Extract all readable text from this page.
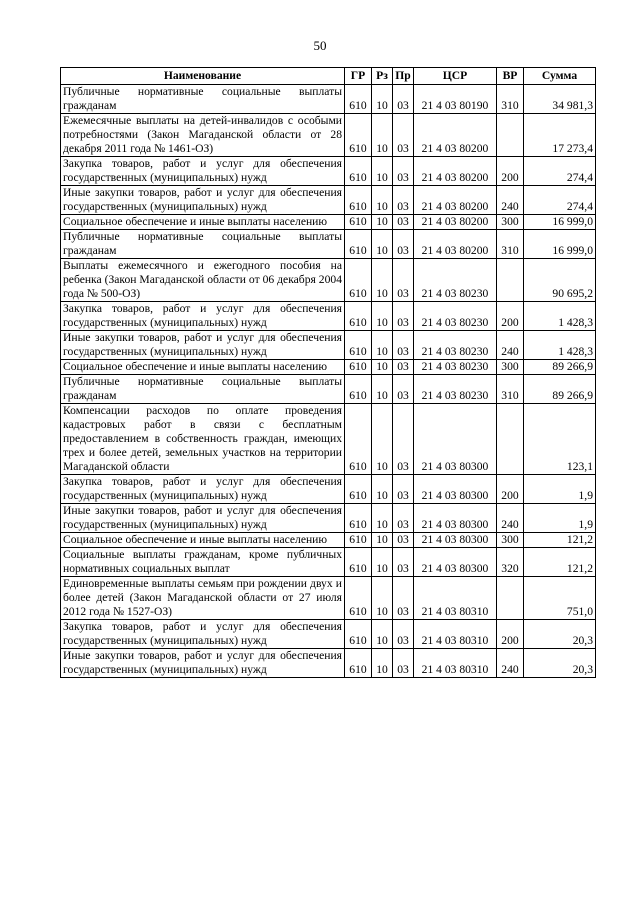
50
Наименование	ГР	Рз	Пр	ЦСР	ВР	Сумма
Публичные нормативные социальные выплаты гражданам	610	10	03	21 4 03 80190	310	34 981,3
Ежемесячные выплаты на детей-инвалидов с особыми потребностями (Закон Магаданской области от 28 декабря 2011 года № 1461-ОЗ)	610	10	03	21 4 03 80200		17 273,4
Закупка товаров, работ и услуг для обеспечения государственных (муниципальных) нужд	610	10	03	21 4 03 80200	200	274,4
Иные закупки товаров, работ и услуг для обеспечения государственных (муниципальных) нужд	610	10	03	21 4 03 80200	240	274,4
Социальное обеспечение и иные выплаты населению	610	10	03	21 4 03 80200	300	16 999,0
Публичные нормативные социальные выплаты гражданам	610	10	03	21 4 03 80200	310	16 999,0
Выплаты ежемесячного и ежегодного пособия на ребенка (Закон Магаданской области от 06 декабря 2004 года № 500-ОЗ)	610	10	03	21 4 03 80230		90 695,2
Закупка товаров, работ и услуг для обеспечения государственных (муниципальных) нужд	610	10	03	21 4 03 80230	200	1 428,3
Иные закупки товаров, работ и услуг для обеспечения государственных (муниципальных) нужд	610	10	03	21 4 03 80230	240	1 428,3
Социальное обеспечение и иные выплаты населению	610	10	03	21 4 03 80230	300	89 266,9
Публичные нормативные социальные выплаты гражданам	610	10	03	21 4 03 80230	310	89 266,9
Компенсации расходов по оплате проведения кадастровых работ в связи с бесплатным предоставлением в собственность граждан, имеющих трех и более детей, земельных участков на территории Магаданской области	610	10	03	21 4 03 80300		123,1
Закупка товаров, работ и услуг для обеспечения государственных (муниципальных) нужд	610	10	03	21 4 03 80300	200	1,9
Иные закупки товаров, работ и услуг для обеспечения государственных (муниципальных) нужд	610	10	03	21 4 03 80300	240	1,9
Социальное обеспечение и иные выплаты населению	610	10	03	21 4 03 80300	300	121,2
Социальные выплаты гражданам, кроме публичных нормативных социальных выплат	610	10	03	21 4 03 80300	320	121,2
Единовременные выплаты семьям при рождении двух и более детей (Закон Магаданской области от 27 июля 2012 года № 1527-ОЗ)	610	10	03	21 4 03 80310		751,0
Закупка товаров, работ и услуг для обеспечения государственных (муниципальных) нужд	610	10	03	21 4 03 80310	200	20,3
Иные закупки товаров, работ и услуг для обеспечения государственных (муниципальных) нужд	610	10	03	21 4 03 80310	240	20,3
